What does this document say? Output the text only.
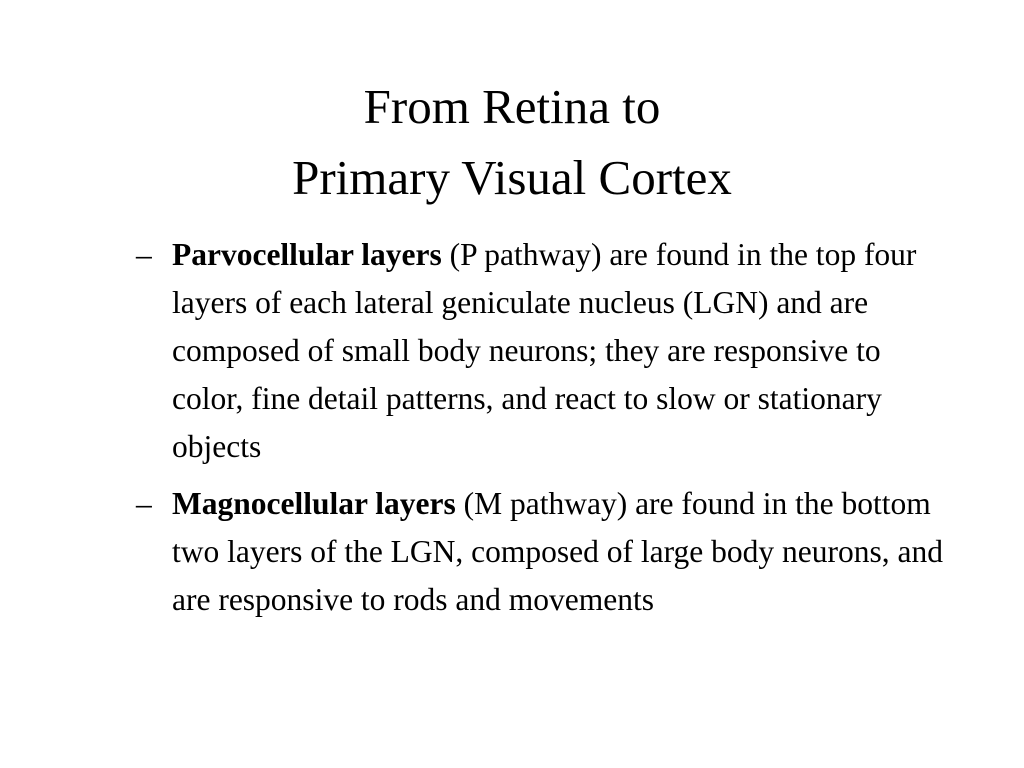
From Retina to
Primary Visual Cortex
– Parvocellular layers (P pathway) are found in the top four layers of each lateral geniculate nucleus (LGN) and are composed of small body neurons; they are responsive to color, fine detail patterns, and react to slow or stationary objects
– Magnocellular layers (M pathway) are found in the bottom two layers of the LGN, composed of large body neurons, and are responsive to rods and movements
